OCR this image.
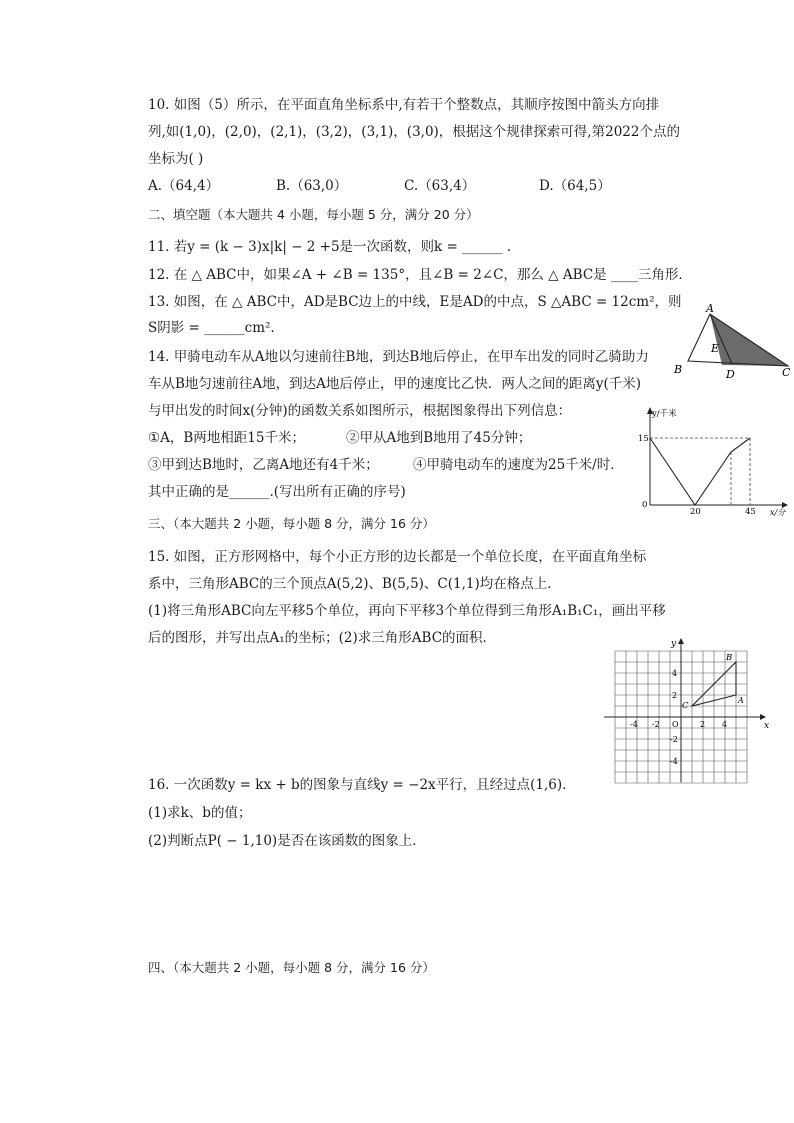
10. 如图（5）所示，在平面直角坐标系中,有若干个整数点，其顺序按图中箭头方向排
列,如(1,0)，(2,0)，(2,1)，(3,2)，(3,1)，(3,0)，根据这个规律探索可得,第2022个点的
坐标为( )
A.（64,4）	B.（63,0）	C.（63,4）	D.（64,5）
二、填空题（本大题共 4 小题，每小题 5 分，满分 20 分）
11. 若y = (k − 3)x|k| − 2 +5是一次函数，则k = ______ .
12. 在 △ ABC中，如果∠A + ∠B = 135°，且∠B = 2∠C，那么 △ ABC是 ____三角形．
13. 如图，在 △ ABC中，AD是BC边上的中线，E是AD的中点，S △ABC = 12cm²，则
S阴影 = ______cm².
A
B	C
D
E
14. 甲骑电动车从A地以匀速前往B地，到达B地后停止，在甲车出发的同时乙骑助力
车从B地匀速前往A地，到达A地后停止，甲的速度比乙快．两人之间的距离y(千米)
与甲出发的时间x(分钟)的函数关系如图所示，根据图象得出下列信息：
①A，B两地相距15千米；	②甲从A地到B地用了45分钟；
③甲到达B地时，乙离A地还有4千米；	④甲骑电动车的速度为25千米/时．
其中正确的是______.(写出所有正确的序号)
y/千米
15
0
20	45 x/分
三、（本大题共 2 小题，每小题 8 分，满分 16 分）
15. 如图，正方形网格中，每个小正方形的边长都是一个单位长度，在平面直角坐标
系中，三角形ABC的三个顶点A(5,2)、B(5,5)、C(1,1)均在格点上．
(1)将三角形ABC向左平移5个单位，再向下平移3个单位得到三角形A₁B₁C₁，画出平移
后的图形，并写出点A₁的坐标；(2)求三角形ABC的面积．
x
y
O
B
C
A
-4 -2	2 4
4
2
-2
-4
16. 一次函数y = kx + b的图象与直线y = −2x平行，且经过点(1,6)．
(1)求k、b的值；
(2)判断点P( − 1,10)是否在该函数的图象上．
四、（本大题共 2 小题，每小题 8 分，满分 16 分）
